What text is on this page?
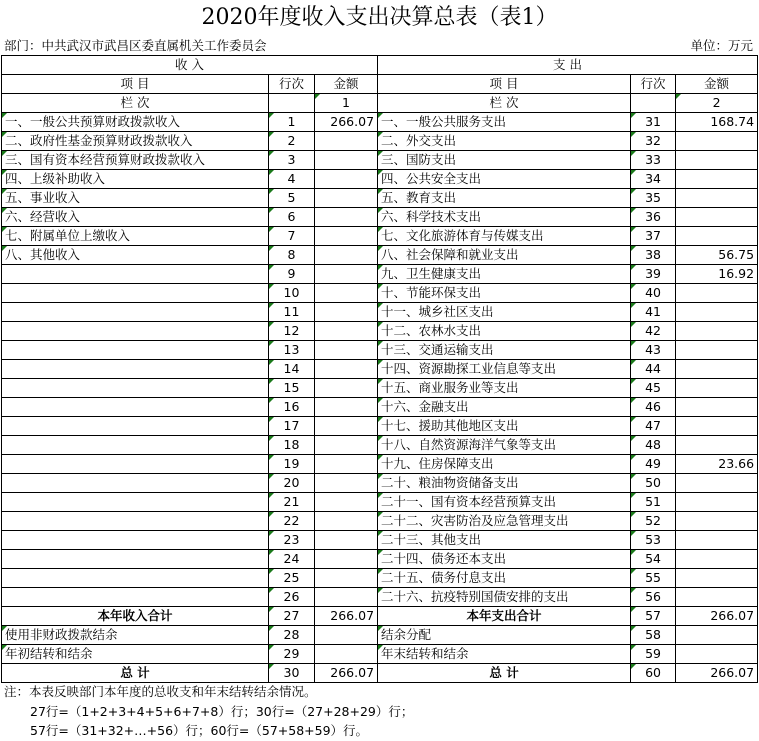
2020年度收入支出决算总表（表1）
部门：中共武汉市武昌区委直属机关工作委员会	单位：万元
收 入			支 出		
项 目	行次	金额	项 目	行次	金额
栏 次		1	栏 次		2
一、一般公共预算财政拨款收入	1	266.07	一、一般公共服务支出	31	168.74
二、政府性基金预算财政拨款收入	2		二、外交支出	32	
三、国有资本经营预算财政拨款收入	3		三、国防支出	33	
四、上级补助收入	4		四、公共安全支出	34	
五、事业收入	5		五、教育支出	35	
六、经营收入	6		六、科学技术支出	36	
七、附属单位上缴收入	7		七、文化旅游体育与传媒支出	37	
八、其他收入	8		八、社会保障和就业支出	38	56.75
	9		九、卫生健康支出	39	16.92
	10		十、节能环保支出	40	
	11		十一、城乡社区支出	41	
	12		十二、农林水支出	42	
	13		十三、交通运输支出	43	
	14		十四、资源勘探工业信息等支出	44	
	15		十五、商业服务业等支出	45	
	16		十六、金融支出	46	
	17		十七、援助其他地区支出	47	
	18		十八、自然资源海洋气象等支出	48	
	19		十九、住房保障支出	49	23.66
	20		二十、粮油物资储备支出	50	
	21		二十一、国有资本经营预算支出	51	
	22		二十二、灾害防治及应急管理支出	52	
	23		二十三、其他支出	53	
	24		二十四、债务还本支出	54	
	25		二十五、债务付息支出	55	
	26		二十六、抗疫特别国债安排的支出	56	
本年收入合计	27	266.07	本年支出合计	57	266.07
使用非财政拨款结余	28		结余分配	58	
年初结转和结余	29		年末结转和结余	59	
总 计	30	266.07	总 计	60	266.07
注：本表反映部门本年度的总收支和年末结转结余情况。
27行=（1+2+3+4+5+6+7+8）行；30行=（27+28+29）行；
57行=（31+32+…+56）行；60行=（57+58+59）行。
